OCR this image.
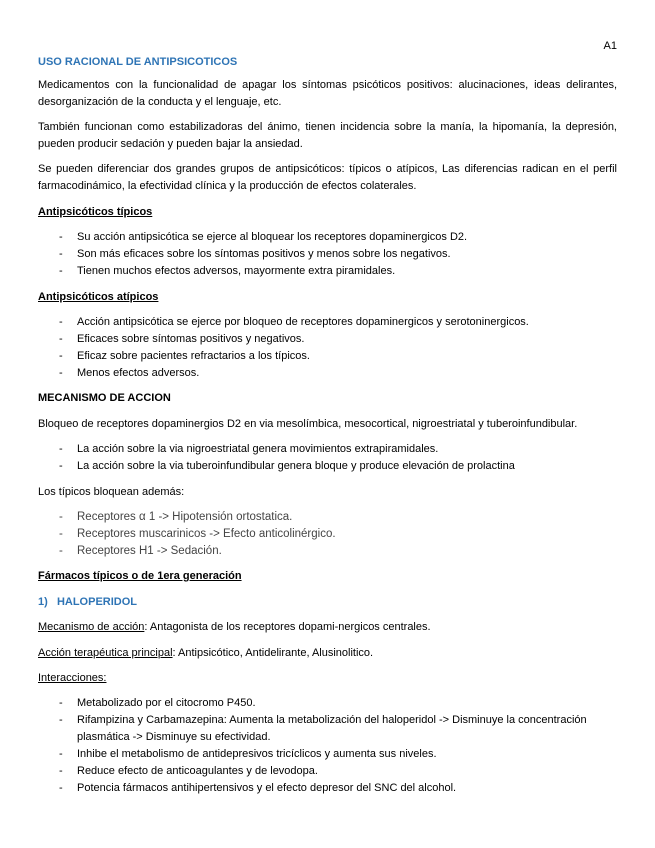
A1
USO RACIONAL DE ANTIPSICOTICOS
Medicamentos con la funcionalidad de apagar los síntomas psicóticos positivos: alucinaciones, ideas delirantes, desorganización de la conducta y el lenguaje, etc.
También funcionan como estabilizadoras del ánimo, tienen incidencia sobre la manía, la hipomanía, la depresión, pueden producir sedación y pueden bajar la ansiedad.
Se pueden diferenciar dos grandes grupos de antipsicóticos: típicos o atípicos, Las diferencias radican en el perfil farmacodinámico, la efectividad clínica y la producción de efectos colaterales.
Antipsicóticos típicos
- Su acción antipsicótica se ejerce al bloquear los receptores dopaminergicos D2.
- Son más eficaces sobre los síntomas positivos y menos sobre los negativos.
- Tienen muchos efectos adversos, mayormente extra piramidales.
Antipsicóticos atípicos
- Acción antipsicótica se ejerce por bloqueo de receptores dopaminergicos y serotoninergicos.
- Eficaces sobre síntomas positivos y negativos.
- Eficaz sobre pacientes refractarios a los típicos.
- Menos efectos adversos.
MECANISMO DE ACCION
Bloqueo de receptores dopaminergios D2 en via mesolímbica, mesocortical, nigroestriatal y tuberoinfundibular.
- La acción sobre la via nigroestriatal genera movimientos extrapiramidales.
- La acción sobre la via tuberoinfundibular genera bloque y produce elevación de prolactina
Los típicos bloquean además:
- Receptores α 1 -> Hipotensión ortostatica.
- Receptores muscarinicos -> Efecto anticolinérgico.
- Receptores H1 -> Sedación.
Fármacos típicos o de 1era generación
1)   HALOPERIDOL
Mecanismo de acción: Antagonista de los receptores dopami-nergicos centrales.
Acción terapéutica principal: Antipsicótico, Antidelirante, Alusinolitico.
Interacciones:
- Metabolizado por el citocromo P450.
- Rifampizina y Carbamazepina: Aumenta la metabolización del haloperidol -> Disminuye la concentración plasmática -> Disminuye su efectividad.
- Inhibe el metabolismo de antidepresivos tricíclicos y aumenta sus niveles.
- Reduce efecto de anticoagulantes y de levodopa.
- Potencia fármacos antihipertensivos y el efecto depresor del SNC del alcohol.
